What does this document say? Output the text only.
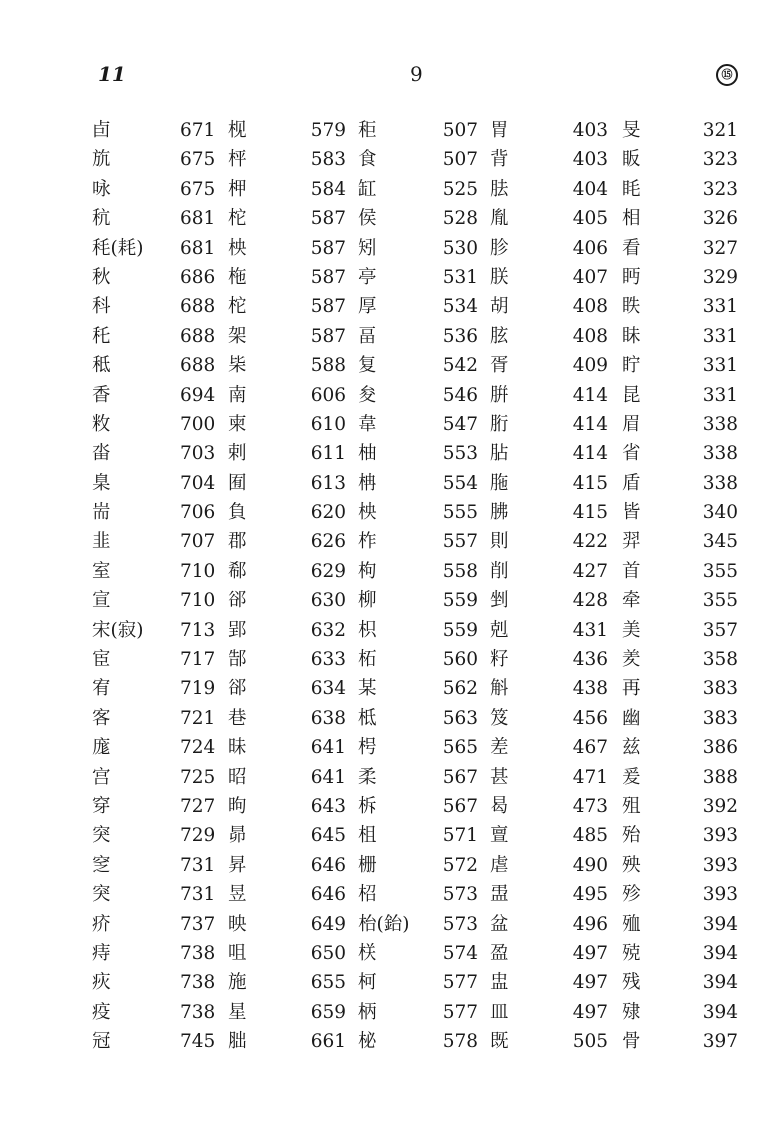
11	9	⑮
卣	671 枧	579 秬	507 胃	403 旻	321
斻	675 枰	583 食	507 背	403 眅	323
咏	675 柙	584 缸	525 胠	404 眊	323
秔	681 柁	587 侯	528 胤	405 相	326
秏(耗) 681 柍	587 矧	530 胗	406 看	327
秋	686 柂	587 亭	531 朕	407 眄	329
科	688 柁	587 厚	534 胡	408 眣	331
秅	688 架	587 畐	536 胘	408 眛	331
秪	688 枈	588 复	542 胥	409 眝	331
香	694 南	606 夋	546 腁	414 昆	331
敉	700 柬	610 韋	547 胻	414 眉	338
畓	703 剌	611 柚	553 胋	414 省	338
臬	704 囿	613 柟	554 胣	415 盾	338
耑	706 負	620 柍	555 胇	415 皆	340
韭	707 郡	626 柞	557 則	422 羿	345
室	710 郗	629 枸	558 削	427 首	355
宣	710 郤	630 柳	559 剉	428 牵	355
宋(寂) 713 郢	632 枳	559 剋	431 美	357
宦	717 郜	633 柘	560 籽	436 羑	358
宥	719 郤	634 某	562 斛	438 再	383
客	721 巷	638 柢	563 笈	456 幽	383
庬	724 昧	641 枵	565 差	467 兹	386
宫	725 昭	641 柔	567 甚	471 爰	388
穿	727 昫	643 柝	567 曷	473 殂	392
突	729 昴	645 柤	571 亶	485 殆	393
窆	731 昇	646 栅	572 虐	490 殃	393
突	731 昱	646 柖	573 盄	495 殄	393
疥	737 映	649 枱(鈶) 573 盆	496 殈	394
痔	738 咀	650 栚	574 盈	497 殑	394
疢	738 施	655 柯	577 盅	497 残	394
疫	738 星	659 柄	577 皿	497 殔	394
冠	745 胐	661 柲	578 既	505 骨	397
